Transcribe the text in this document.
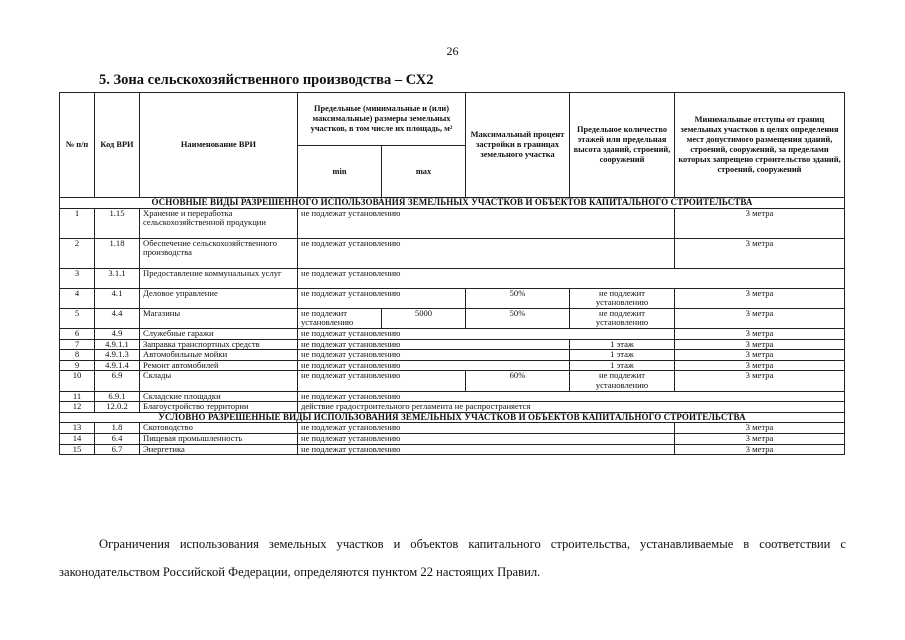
26
5. Зона сельскохозяйственного производства – СХ2
№ п/п	Код ВРИ	Наименование ВРИ	Предельные (минимальные и (или) максимальные) размеры земельных участков, в том числе их площадь, м²		Максимальный процент застройки в границах земельного участка	Предельное количество этажей или предельная высота зданий, строений, сооружений	Минимальные отступы от границ земельных участков в целях определения мест допустимого размещения зданий, строений, сооружений, за пределами которых запрещено строительство зданий, строений, сооружений
			min	max			
ОСНОВНЫЕ ВИДЫ РАЗРЕШЕННОГО ИСПОЛЬЗОВАНИЯ ЗЕМЕЛЬНЫХ УЧАСТКОВ И ОБЪЕКТОВ КАПИТАЛЬНОГО СТРОИТЕЛЬСТВА							
1	1.15	Хранение и переработка сельскохозяйственной продукции	не подлежат установлению				3 метра
2	1.18	Обеспечение сельскохозяйственного производства	не подлежат установлению				3 метра
3	3.1.1	Предоставление коммунальных услуг	не подлежат установлению				
4	4.1	Деловое управление	не подлежат установлению		50%	не подлежит установлению	3 метра
5	4.4	Магазины	не подлежит установлению	5000	50%	не подлежит установлению	3 метра
6	4.9	Служебные гаражи	не подлежат установлению				3 метра
7	4.9.1.1	Заправка транспортных средств	не подлежат установлению			1 этаж	3 метра
8	4.9.1.3	Автомобильные мойки	не подлежат установлению			1 этаж	3 метра
9	4.9.1.4	Ремонт автомобилей	не подлежат установлению			1 этаж	3 метра
10	6.9	Склады	не подлежат установлению		60%	не подлежит установлению	3 метра
11	6.9.1	Складские площадки	не подлежат установлению				
12	12.0.2	Благоустройство территории	действие градостроительного регламента не распространяется				
УСЛОВНО РАЗРЕШЕННЫЕ ВИДЫ ИСПОЛЬЗОВАНИЯ ЗЕМЕЛЬНЫХ УЧАСТКОВ И ОБЪЕКТОВ КАПИТАЛЬНОГО СТРОИТЕЛЬСТВА							
13	1.8	Скотоводство	не подлежат установлению				3 метра
14	6.4	Пищевая промышленность	не подлежат установлению				3 метра
15	6.7	Энергетика	не подлежат установлению				3 метра
Ограничения использования земельных участков и объектов капитального строительства, устанавливаемые в соответствии с законодательством Российской Федерации, определяются пунктом 22 настоящих Правил.
